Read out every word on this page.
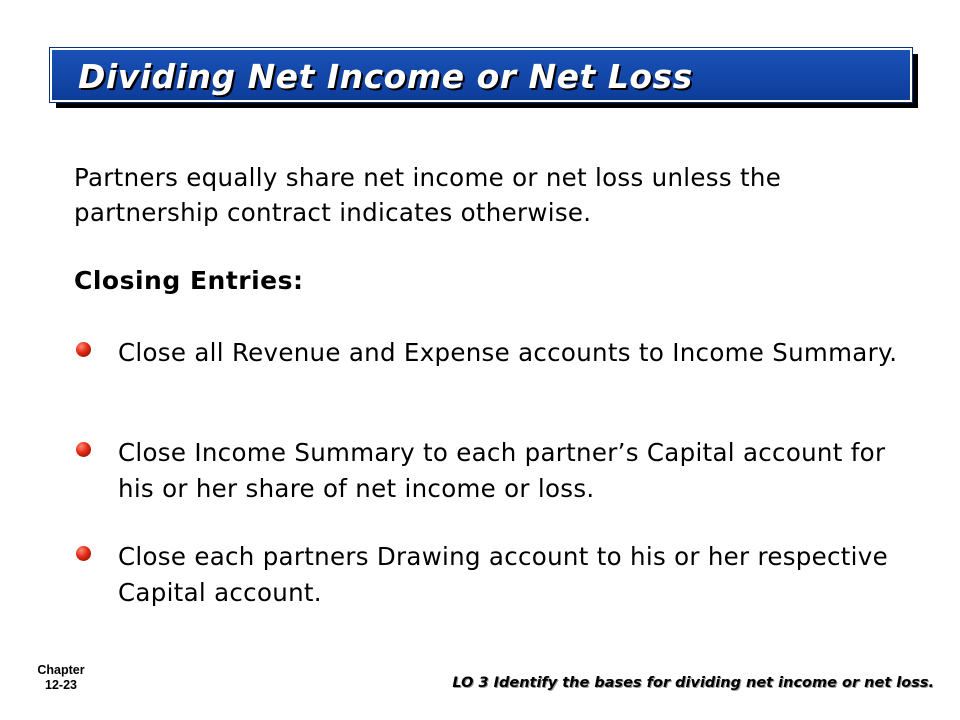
Dividing Net Income or Net Loss
Partners equally share net income or net loss unless the partnership contract indicates otherwise.
Closing Entries:
Close all Revenue and Expense accounts to Income Summary.
Close Income Summary to each partner’s Capital account for his or her share of net income or loss.
Close each partners Drawing account to his or her respective Capital account.
Chapter
12-23	LO 3 Identify the bases for dividing net income or net loss.
